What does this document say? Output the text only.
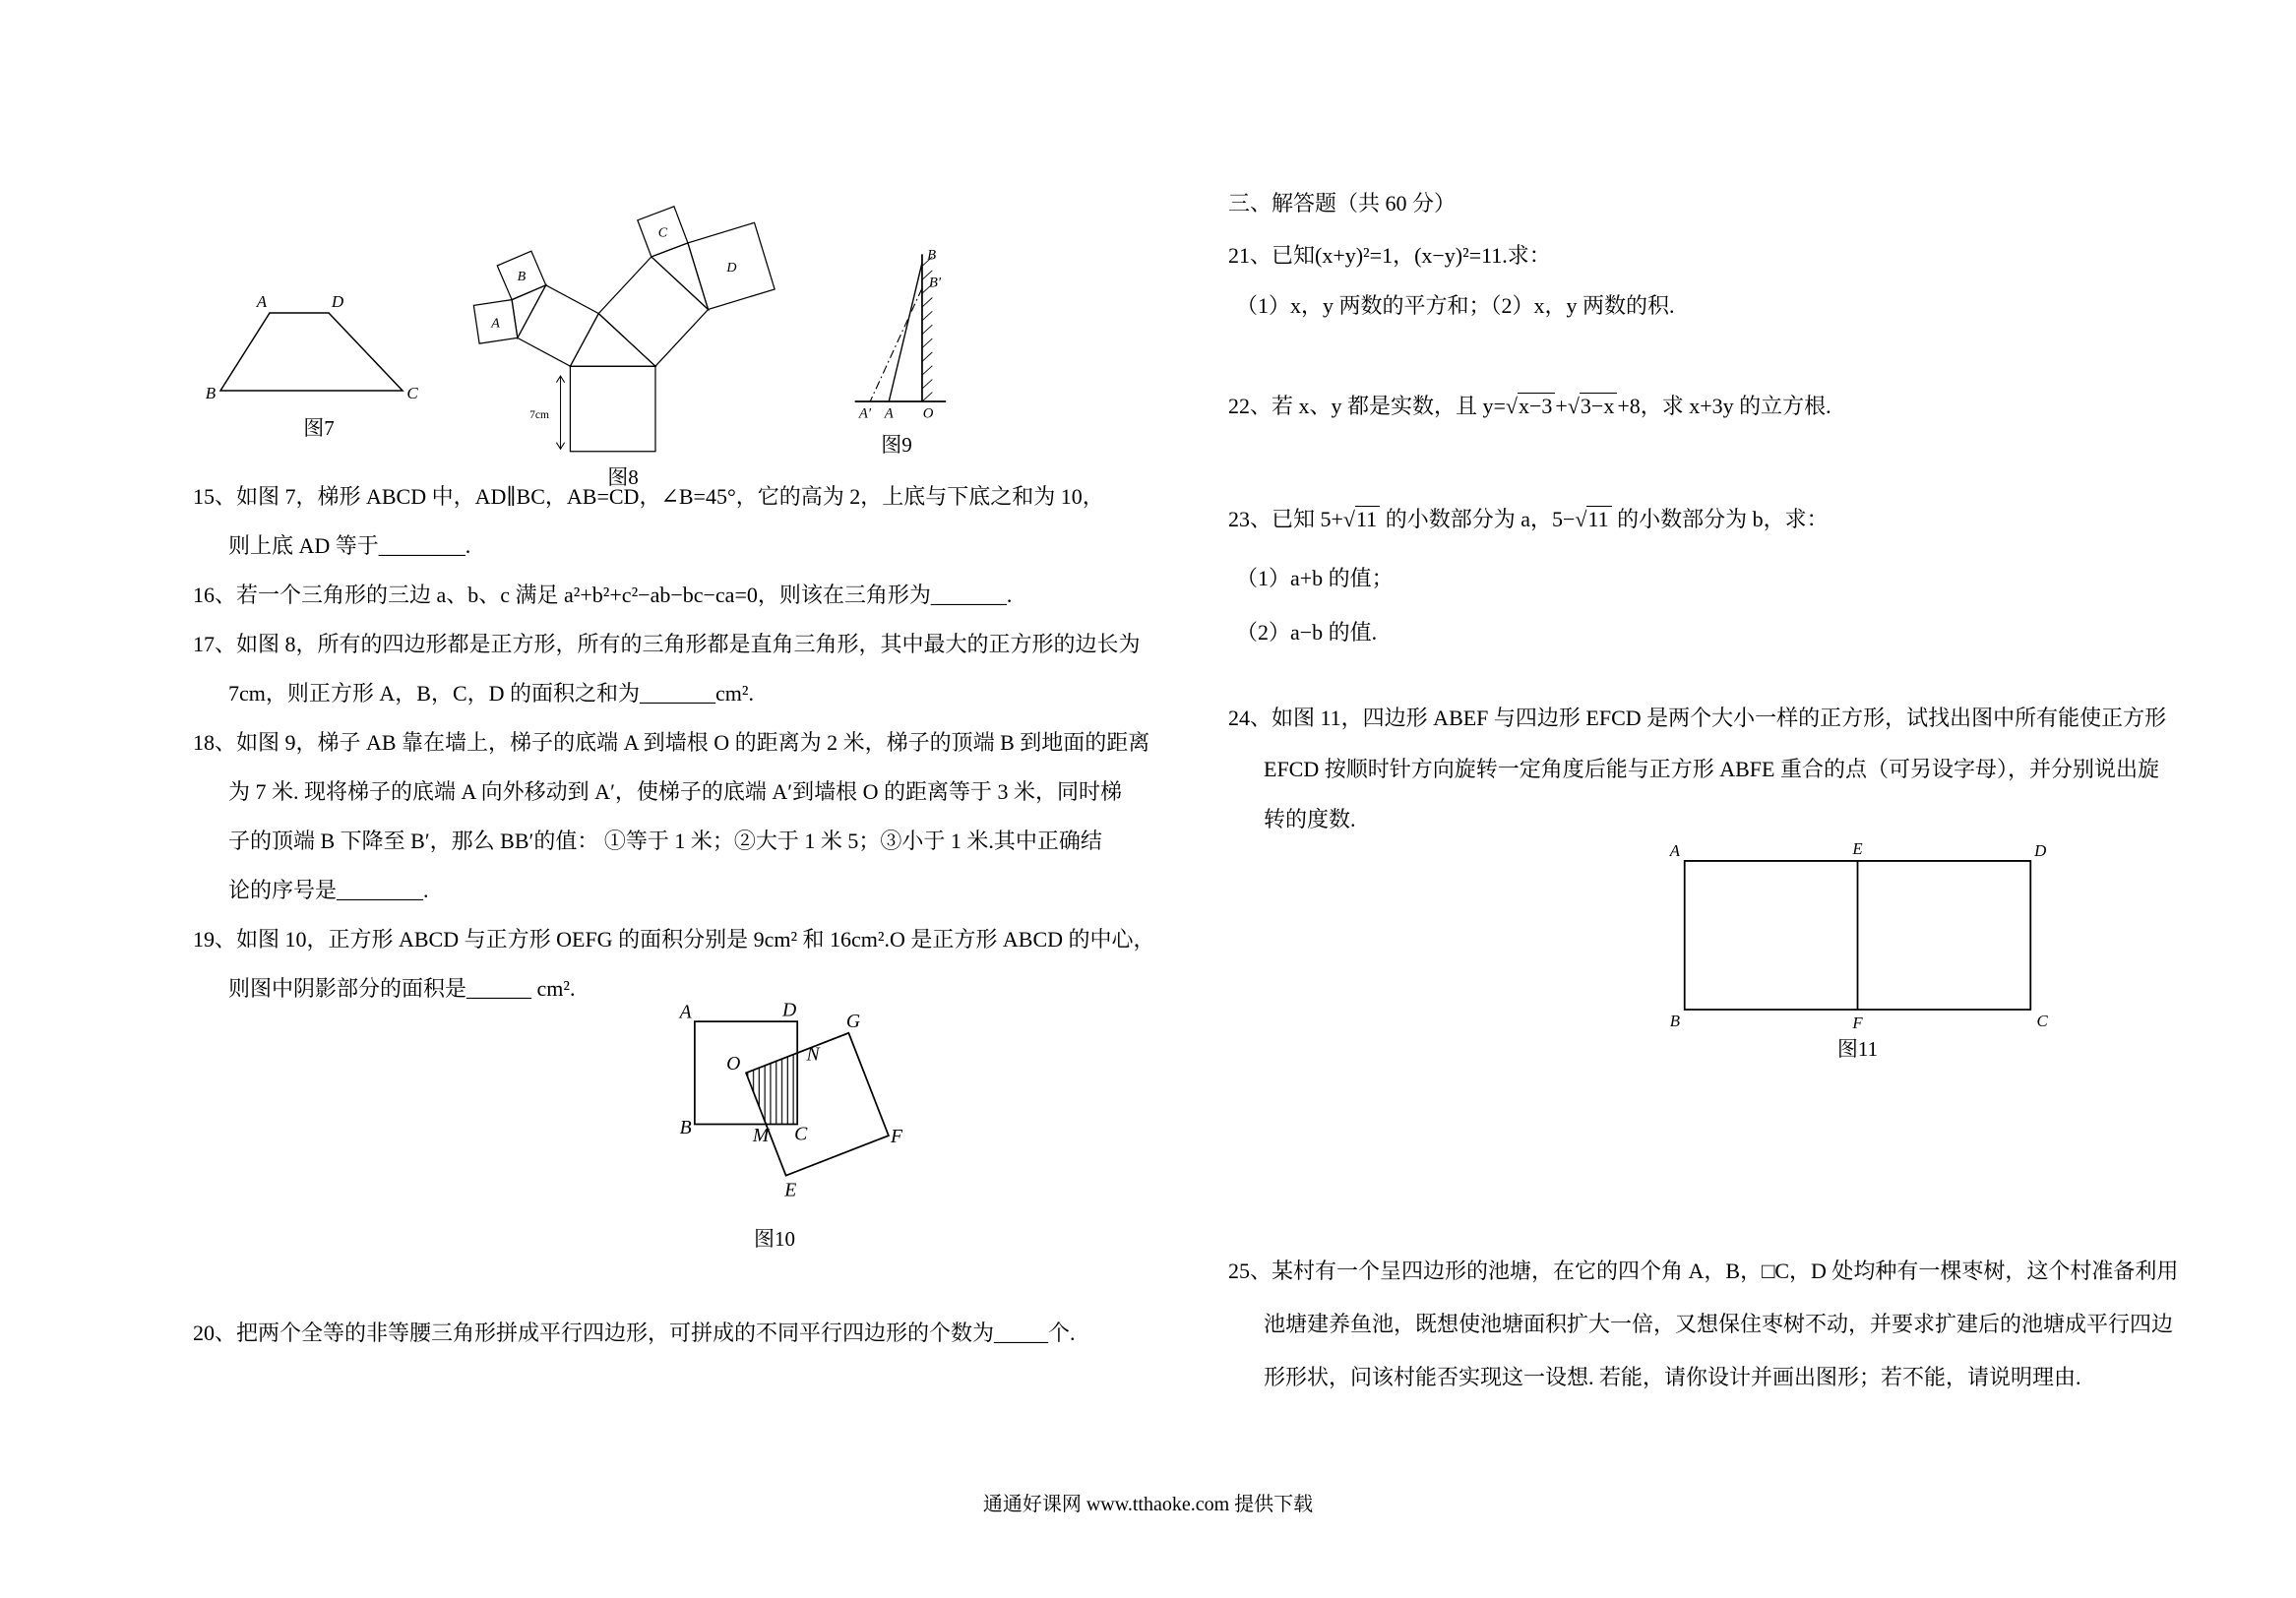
A	D
B	C
图7
7cm
A
B
C
D
图8
B
B′
A′ A O
图9
15、如图 7，梯形 ABCD 中，AD∥BC，AB=CD，∠B=45°，它的高为 2，上底与下底之和为 10，
则上底 AD 等于________.
16、若一个三角形的三边 a、b、c 满足 a²+b²+c²−ab−bc−ca=0，则该在三角形为_______.
17、如图 8，所有的四边形都是正方形，所有的三角形都是直角三角形，其中最大的正方形的边长为
7cm，则正方形 A，B，C，D 的面积之和为_______cm².
18、如图 9，梯子 AB 靠在墙上，梯子的底端 A 到墙根 O 的距离为 2 米，梯子的顶端 B 到地面的距离
为 7 米. 现将梯子的底端 A 向外移动到 A′，使梯子的底端 A′到墙根 O 的距离等于 3 米，同时梯
子的顶端 B 下降至 B′，那么 BB′的值： ①等于 1 米；②大于 1 米 5；③小于 1 米.其中正确结
论的序号是________.
19、如图 10，正方形 ABCD 与正方形 OEFG 的面积分别是 9cm² 和 16cm².O 是正方形 ABCD 的中心，
则图中阴影部分的面积是______ cm².
A	D
G
O	N
B	M C	F
E
图10
20、把两个全等的非等腰三角形拼成平行四边形，可拼成的不同平行四边形的个数为_____个.
三、解答题（共 60 分）
21、已知(x+y)²=1，(x−y)²=11.求：
（1）x，y 两数的平方和；（2）x，y 两数的积.
22、若 x、y 都是实数，且 y=√x−3 +√3−x +8，求 x+3y 的立方根.
23、已知 5+√11 的小数部分为 a，5−√11 的小数部分为 b，求：
（1）a+b 的值；
（2）a−b 的值.
24、如图 11，四边形 ABEF 与四边形 EFCD 是两个大小一样的正方形，试找出图中所有能使正方形
EFCD 按顺时针方向旋转一定角度后能与正方形 ABFE 重合的点（可另设字母），并分别说出旋
转的度数.
A	E	D
B	F	C
图11
25、某村有一个呈四边形的池塘，在它的四个角 A，B，□C，D 处均种有一棵枣树，这个村准备利用
池塘建养鱼池，既想使池塘面积扩大一倍，又想保住枣树不动，并要求扩建后的池塘成平行四边
形形状，问该村能否实现这一设想. 若能，请你设计并画出图形；若不能，请说明理由.
通通好课网 www.tthaoke.com 提供下载
